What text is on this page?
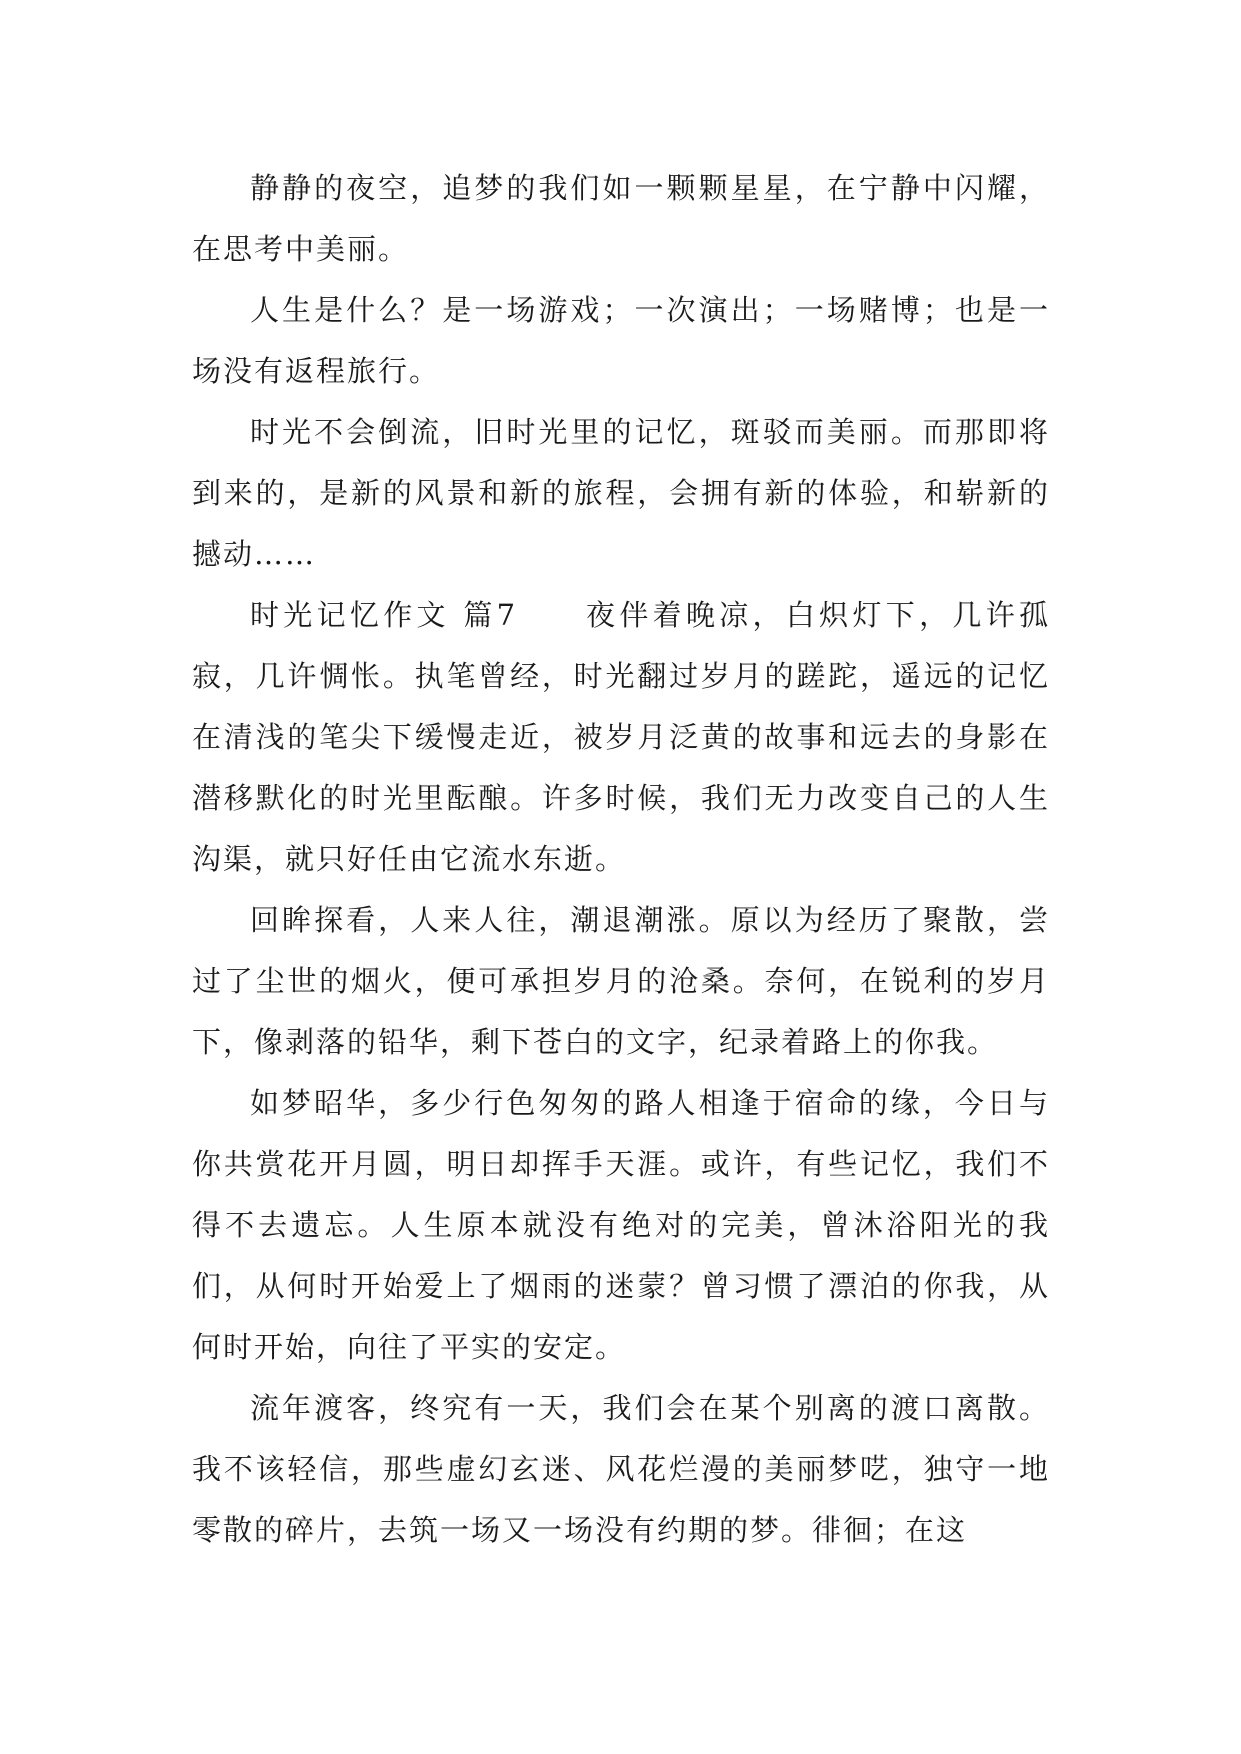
静静的夜空，追梦的我们如一颗颗星星，在宁静中闪耀，在思考中美丽。

人生是什么？是一场游戏；一次演出；一场赌博；也是一场没有返程旅行。

时光不会倒流，旧时光里的记忆，斑驳而美丽。而那即将到来的，是新的风景和新的旅程，会拥有新的体验，和崭新的撼动……

时光记忆作文 篇7　　夜伴着晚凉，白炽灯下，几许孤寂，几许惆怅。执笔曾经，时光翻过岁月的蹉跎，遥远的记忆在清浅的笔尖下缓慢走近，被岁月泛黄的故事和远去的身影在潜移默化的时光里酝酿。许多时候，我们无力改变自己的人生沟渠，就只好任由它流水东逝。

回眸探看，人来人往，潮退潮涨。原以为经历了聚散，尝过了尘世的烟火，便可承担岁月的沧桑。奈何，在锐利的岁月下，像剥落的铅华，剩下苍白的文字，纪录着路上的你我。

如梦昭华，多少行色匆匆的路人相逢于宿命的缘，今日与你共赏花开月圆，明日却挥手天涯。或许，有些记忆，我们不得不去遗忘。人生原本就没有绝对的完美，曾沐浴阳光的我们，从何时开始爱上了烟雨的迷蒙？曾习惯了漂泊的你我，从何时开始，向往了平实的安定。

流年渡客，终究有一天，我们会在某个别离的渡口离散。我不该轻信，那些虚幻玄迷、风花烂漫的美丽梦呓，独守一地零散的碎片，去筑一场又一场没有约期的梦。徘徊；在这
